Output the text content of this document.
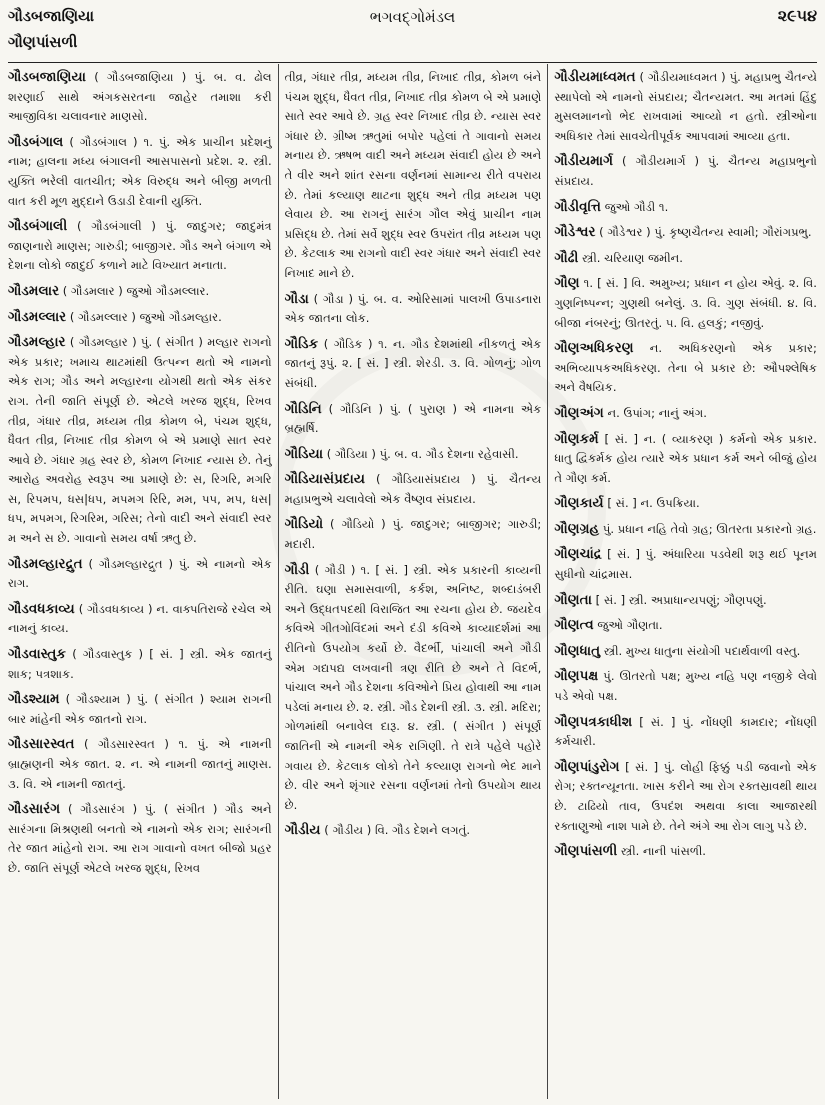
ગૌડબજાણિયા
ગૌણપાંસળી
ભગવદ્ગોમંડલ	૨૯૫૪

ગૌડબજાણિયા ( ગૌડબજાણિયા ) પું. બ. વ. ઢોલ શરણાઈ સાથે અંગકસરતના જાહેર તમાશા કરી આજીવિકા ચલાવનાર માણસો.

ગૌડબંગાલ ( ગૌડબંગાલ ) ૧. પું. એક પ્રાચીન પ્રદેશનું નામ; હાલના મધ્ય બંગાલની આસપાસનો પ્રદેશ. ૨. સ્ત્રી. યુક્તિ ભરેલી વાતચીત; એક વિરુદ્ધ અને બીજી મળતી વાત કરી મૂળ મુદ્દાને ઉડાડી દેવાની યુક્તિ.

ગૌડબંગાલી ( ગૌડબંગાલી ) પું. જાદુગર; જાદુમંત્ર જાણનારો માણસ; ગારુડી; બાજીગર. ગૌડ અને બંગાળ એ દેશના લોકો જાદુઈ કળાને માટે વિખ્યાત મનાતા.

ગૌડમલાર ( ગૌડમલાર ) જુઓ ગૌડમલ્લાર.

ગૌડમલ્લાર ( ગૌડમલ્લાર ) જુઓ ગૌડમલ્હાર.

ગૌડમલ્હાર ( ગૌડમલ્હાર ) પું. ( સંગીત ) મલ્હાર રાગનો એક પ્રકાર; ખમાચ થાટમાંથી ઉત્પન્ન થતો એ નામનો એક રાગ; ગૌડ અને મલ્હારના યોગથી થતો એક સંકર રાગ. તેની જાતિ સંપૂર્ણ છે. એટલે ખરજ શુદ્ધ, રિખવ તીવ્ર, ગંધાર તીવ્ર, મધ્યમ તીવ્ર કોમળ બે, પંચમ શુદ્ધ, ધૈવત તીવ્ર, નિખાદ તીવ્ર કોમળ બે એ પ્રમાણે સાત સ્વર આવે છે. ગંધાર ગ્રહ સ્વર છે, કોમળ નિખાદ ન્યાસ છે. તેનું આરોહ અવરોહ સ્વરૂપ આ પ્રમાણે છે: સ, રિગરિ, મગરિ સ, રિપમપ, ધસ|ધપ, મપમગ રિરિ, મમ, પપ, મપ, ધસ|ધપ, મપમગ, રિગરિમ, ગરિસ; તેનો વાદી અને સંવાદી સ્વર મ અને સ છે. ગાવાનો સમય વર્ષા ઋતુ છે.

ગૌડમલ્હારદ્રુત ( ગૌડમલ્હારદ્રુત ) પું. એ નામનો એક રાગ.

ગૌડવધકાવ્ય ( ગૌડવધકાવ્ય ) ન. વાક્પતિરાજે રચેલ એ નામનું કાવ્ય.

ગૌડવાસ્તુક ( ગૌડવાસ્તુક ) [ સં. ] સ્ત્રી. એક જાતનું શાક; પત્રશાક.

ગૌડશ્યામ ( ગૌડશ્યામ ) પું. ( સંગીત ) શ્યામ રાગની બાર માંહેની એક જાતનો રાગ.

ગૌડસારસ્વત ( ગૌડસારસ્વત ) ૧. પું. એ નામની બ્રાહ્મણની એક જાત. ૨. ન. એ નામની જાતનું માણસ. ૩. વિ. એ નામની જાતનું.

ગૌડસારંગ ( ગૌડસારંગ ) પું. ( સંગીત ) ગૌડ અને સારંગના મિશ્રણથી બનતો એ નામનો એક રાગ; સારંગની તેર જાત માંહેનો રાગ. આ રાગ ગાવાનો વખત બીજો પ્રહર છે. જાતિ સંપૂર્ણ એટલે ખરજ શુદ્ધ, રિખવ

તીવ્ર, ગંધાર તીવ્ર, મધ્યમ તીવ્ર, નિખાદ તીવ્ર, કોમળ બંને પંચમ શુદ્ધ, ધૈવત તીવ્ર, નિખાદ તીવ્ર કોમળ બે એ પ્રમાણે સાતે સ્વર આવે છે. ગ્રહ સ્વર નિખાદ તીવ્ર છે. ન્યાસ સ્વર ગંધાર છે. ગ્રીષ્મ ઋતુમાં બપોર પહેલાં તે ગાવાનો સમય મનાય છે. ઋષભ વાદી અને મધ્યમ સંવાદી હોય છે અને તે વીર અને શાંત રસના વર્ણનમાં સામાન્ય રીતે વપરાય છે. તેમાં કલ્યાણ થાટના શુદ્ધ અને તીવ્ર મધ્યમ પણ લેવાય છે. આ રાગનું સારંગ ગૌલ એવું પ્રાચીન નામ પ્રસિદ્ધ છે. તેમાં સર્વે શુદ્ધ સ્વર ઉપરાંત તીવ્ર મધ્યમ પણ છે. કેટલાક આ રાગનો વાદી સ્વર ગંધાર અને સંવાદી સ્વર નિખાદ માને છે.

ગૌડા ( ગૌડા ) પું. બ. વ. ઓરિસામાં પાલખી ઉપાડનારા એક જાતના લોક.

ગૌડિક ( ગૌડિક ) ૧. ન. ગૌડ દેશમાંથી નીકળતું એક જાતનું રૂપું. ૨. [ સં. ] સ્ત્રી. શેરડી. ૩. વિ. ગોળનું; ગોળ સંબંધી.

ગૌડિનિ ( ગૌડિનિ ) પું. ( પુરાણ ) એ નામના એક બ્રહ્મર્ષિ.

ગૌડિયા ( ગૌડિયા ) પું. બ. વ. ગૌડ દેશના રહેવાસી.

ગૌડિયાસંપ્રદાય ( ગૌડિયાસંપ્રદાય ) પું. ચૈતન્ય મહાપ્રભુએ ચલાવેલો એક વૈષ્ણવ સંપ્રદાય.

ગૌડિયો ( ગૌડિયો ) પું. જાદુગર; બાજીગર; ગારુડી; મદારી.

ગૌડી ( ગૌડી ) ૧. [ સં. ] સ્ત્રી. એક પ્રકારની કાવ્યની રીતિ. ઘણા સમાસવાળી, કર્કશ, અનિષ્ટ, શબ્દાડંબરી અને ઉદ્ધતપદથી વિરાજિત આ રચના હોય છે. જયદેવ કવિએ ગીતગોવિંદમાં અને દંડી કવિએ કાવ્યાદર્શમાં આ રીતિનો ઉપયોગ કર્યો છે. વૈદર્ભી, પાંચાલી અને ગૌડી એમ ગદ્યપદ્ય લખવાની ત્રણ રીતિ છે અને તે વિદર્ભ, પાંચાલ અને ગૌડ દેશના કવિઓને પ્રિય હોવાથી આ નામ પડેલાં મનાય છે. ૨. સ્ત્રી. ગૌડ દેશની સ્ત્રી. ૩. સ્ત્રી. મદિરા; ગોળમાંથી બનાવેલ દારૂ. ૪. સ્ત્રી. ( સંગીત ) સંપૂર્ણ જાતિની એ નામની એક રાગિણી. તે રાત્રે પહેલે પહોરે ગવાય છે. કેટલાક લોકો તેને કલ્યાણ રાગનો ભેદ માને છે. વીર અને શૃંગાર રસના વર્ણનમાં તેનો ઉપયોગ થાય છે.

ગૌડીય ( ગૌડીય ) વિ. ગૌડ દેશને લગતું.

ગૌડીયમાધ્વમત ( ગૌડીયમાધ્વમત ) પું. મહાપ્રભુ ચૈતન્યે સ્થાપેલો એ નામનો સંપ્રદાય; ચૈતન્યમત. આ મતમાં હિંદુ મુસલમાનનો ભેદ રાખવામાં આવ્યો ન હતો. સ્ત્રીઓના અધિકાર તેમાં સાવચેતીપૂર્વક આપવામાં આવ્યા હતા.

ગૌડીયમાર્ગ ( ગૌડીયમાર્ગ ) પું. ચૈતન્ય મહાપ્રભુનો સંપ્રદાય.

ગૌડીવૃત્તિ જુઓ ગૌડી ૧.

ગૌડેશ્વર ( ગૌડેશ્વર ) પું. કૃષ્ણચૈતન્ય સ્વામી; ગૌરાંગપ્રભુ.

ગૌઢી સ્ત્રી. ચરિયાણ જમીન.

ગૌણ ૧. [ સં. ] વિ. અમુખ્ય; પ્રધાન ન હોય એવું. ૨. વિ. ગુણનિષ્પન્ન; ગુણથી બનેલું. ૩. વિ. ગુણ સંબંધી. ૪. વિ. બીજા નંબરનું; ઊતરતું. ૫. વિ. હલકું; નજીવું.

ગૌણઅધિકરણ ન. અધિકરણનો એક પ્રકાર; અભિવ્યાપકઅધિકરણ. તેના બે પ્રકાર છે: ઔપશ્લેષિક અને વૈષયિક.

ગૌણઅંગ ન. ઉપાંગ; નાનું અંગ.

ગૌણકર્મ [ સં. ] ન. ( વ્યાકરણ ) કર્મનો એક પ્રકાર. ધાતુ દ્વિકર્મક હોય ત્યારે એક પ્રધાન કર્મ અને બીજું હોય તે ગૌણ કર્મ.

ગૌણકાર્ય [ સં. ] ન. ઉપક્રિયા.

ગૌણગ્રહ પું. પ્રધાન નહિ તેવો ગ્રહ; ઊતરતા પ્રકારનો ગ્રહ.

ગૌણચાંદ્ર [ સં. ] પું. અંધારિયા પડવેથી શરૂ થઈ પૂનમ સુધીનો ચાંદ્રમાસ.

ગૌણતા [ સં. ] સ્ત્રી. અપ્રાધાન્યપણું; ગૌણપણું.

ગૌણત્વ જુઓ ગૌણતા.

ગૌણધાતુ સ્ત્રી. મુખ્ય ધાતુના સંયોગી પદાર્થવાળી વસ્તુ.

ગૌણપક્ષ પું. ઊતરતો પક્ષ; મુખ્ય નહિ પણ નજીકે લેવો પડે એવો પક્ષ.

ગૌણપત્રકાધીશ [ સં. ] પું. નોંધણી કામદાર; નોંધણી કર્મચારી.

ગૌણપાંડુરોગ [ સં. ] પું. લોહી ફિક્કું પડી જવાનો એક રોગ; રક્તન્યૂનતા. ખાસ કરીને આ રોગ રક્તસ્રાવથી થાય છે. ટાઢિયો તાવ, ઉપદંશ અથવા કાલા આજારથી રક્તાણુઓ નાશ પામે છે. તેને અંગે આ રોગ લાગુ પડે છે.

ગૌણપાંસળી સ્ત્રી. નાની પાંસળી.
